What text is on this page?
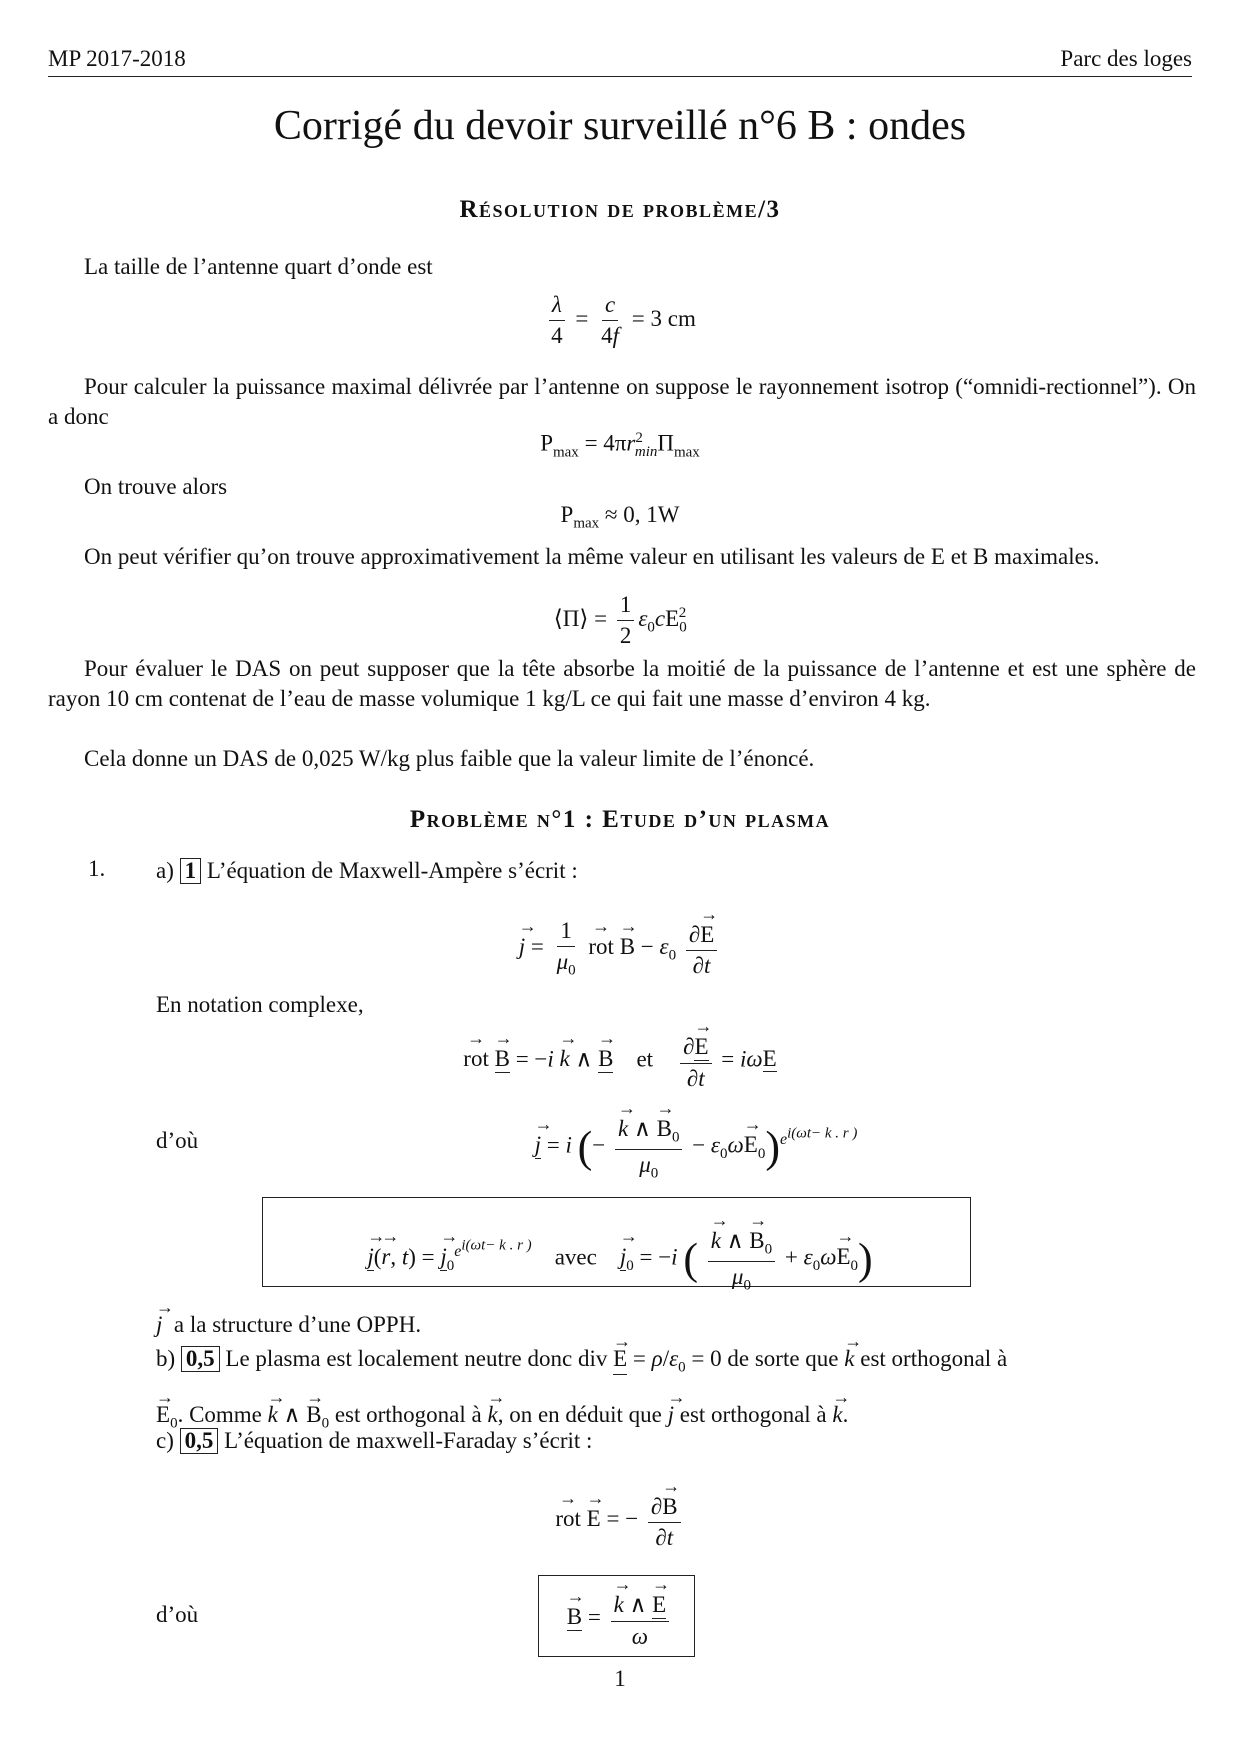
MP 2017-2018	Parc des loges
Corrigé du devoir surveillé n°6 B : ondes
Résolution de problème/3
La taille de l’antenne quart d’onde est
$\frac{\lambda}{4} = \frac{c}{4f} = 3$ cm
Pour calculer la puissance maximal délivrée par l’antenne on suppose le rayonnement isotrop (“omnidi-rectionnel”). On a donc
$P_{max} = 4\pi r^2_{min}\Pi_{max}$
On trouve alors
$P_{max} \approx 0$, 1W
On peut vérifier qu’on trouve approximativement la même valeur en utilisant les valeurs de E et B maximales.
⟨Π⟩ = $\frac{1}{2} \varepsilon_0cE_0^2$
Pour évaluer le DAS on peut supposer que la tête absorbe la moitié de la puissance de l’antenne et est une sphère de rayon 10 cm contenat de l’eau de masse volumique 1 kg/L ce qui fait une masse d’environ 4 kg.
Cela donne un DAS de 0,025 W/kg plus faible que la valeur limite de l’énoncé.
Problème n°1 : Etude d’un plasma
1. a) 1 L’équation de Maxwell-Ampère s’écrit :
→ $j = \frac{1}{\mu_0}$ → rot → $B - \varepsilon_0 \frac{\partial\to E}{\partial t}$
En notation complexe,
→ rot → B = −i → k ∧ → B et $\frac{\partial\to E}{\partial t} = i\omega E$
d’où	→ j = i (− → $\frac{k \wedge \to B_0}{\mu_0} - \varepsilon_0\omega\to E_0)^{e^{i(\omega t- k . r )}}$
→ j(→ r, t) = → $j_0^{e^{i(\omega t- k . r )}}$ avec → $j_0 = -i$ ( → $\frac{k \wedge \to B_0}{\mu_0} + \varepsilon_0\omega\to E_0$)
→ j a la structure d’une OPPH.
b) 0,5 Le plasma est localement neutre donc div → $E = \rho/\varepsilon_0 = 0$ de sorte que → k est orthogonal à
→ $E_0$. Comme → k ∧ → $B_0$ est orthogonal à → k, on en déduit que → j est orthogonal à → k.
c) 0,5 L’équation de maxwell-Faraday s’écrit :
→ rot → E = − $\frac{\partial\to B}{\partial t}$
d’où	→ B = → $\frac{k \wedge \to E}{\omega}$
1
